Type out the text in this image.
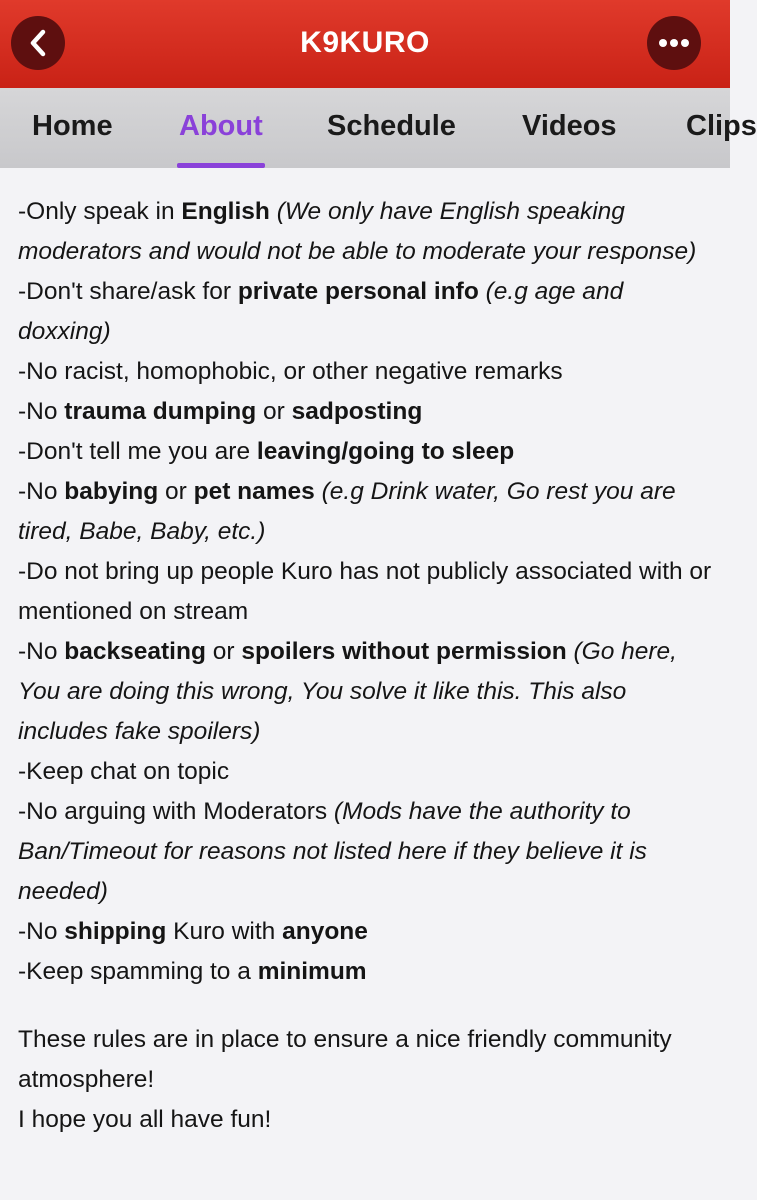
K9KURO
Home About Schedule Videos Clips

-Only speak in English (We only have English speaking moderators and would not be able to moderate your response)

-Don't share/ask for private personal info (e.g age and doxxing)

-No racist, homophobic, or other negative remarks

-No trauma dumping or sadposting

-Don't tell me you are leaving/going to sleep

-No babying or pet names (e.g Drink water, Go rest you are tired, Babe, Baby, etc.)

-Do not bring up people Kuro has not publicly associated with or mentioned on stream

-No backseating or spoilers without permission (Go here, You are doing this wrong, You solve it like this. This also includes fake spoilers)

-Keep chat on topic

-No arguing with Moderators (Mods have the authority to Ban/Timeout for reasons not listed here if they believe it is needed)

-No shipping Kuro with anyone

-Keep spamming to a minimum

These rules are in place to ensure a nice friendly community atmosphere!

I hope you all have fun!
